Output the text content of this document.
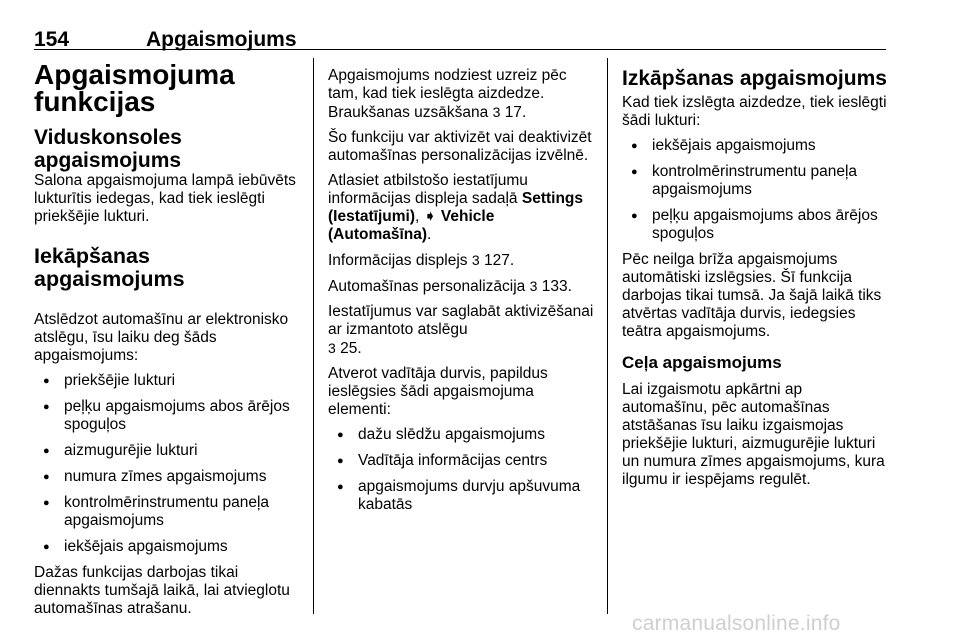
154	Apgaismojums
Apgaismojuma funkcijas
Viduskonsoles apgaismojums

Salona apgaismojuma lampā iebūvēts lukturītis iedegas, kad tiek ieslēgti priekšējie lukturi.

Iekāpšanas apgaismojums

Atslēdzot automašīnu ar elektronisko atslēgu, īsu laiku deg šāds apgaismojums:

● priekšējie lukturi
● peļķu apgaismojums abos ārējos spoguļos
● aizmugurējie lukturi
● numura zīmes apgaismojums
● kontrolmērinstrumentu paneļa apgaismojums
● iekšējais apgaismojums

Dažas funkcijas darbojas tikai diennakts tumšajā laikā, lai atvieglotu automašīnas atrašanu.

Apgaismojums nodziest uzreiz pēc tam, kad tiek ieslēgta aizdedze. Braukšanas uzsākšana 3 17.

Šo funkciju var aktivizēt vai deaktivizēt automašīnas personalizācijas izvēlnē.

Atlasiet atbilstošo iestatījumu informācijas displeja sadaļā Settings (Iestatījumi), ➧ Vehicle (Automašīna).

Informācijas displejs 3 127.

Automašīnas personalizācija 3 133.

Iestatījumus var saglabāt aktivizēšanai ar izmantoto atslēgu
3 25.

Atverot vadītāja durvis, papildus ieslēgsies šādi apgaismojuma elementi:

● dažu slēdžu apgaismojums
● Vadītāja informācijas centrs
● apgaismojums durvju apšuvuma kabatās
Izkāpšanas apgaismojums

Kad tiek izslēgta aizdedze, tiek ieslēgti šādi lukturi:

● iekšējais apgaismojums
● kontrolmērinstrumentu paneļa apgaismojums
● peļķu apgaismojums abos ārējos spoguļos

Pēc neilga brīža apgaismojums automātiski izslēgsies. Šī funkcija darbojas tikai tumsā. Ja šajā laikā tiks atvērtas vadītāja durvis, iedegsies teātra apgaismojums.

Ceļa apgaismojums

Lai izgaismotu apkārtni ap automašīnu, pēc automašīnas atstāšanas īsu laiku izgaismojas priekšējie lukturi, aizmugurējie lukturi un numura zīmes apgaismojums, kura ilgumu ir iespējams regulēt.

carmanualsonline.info
